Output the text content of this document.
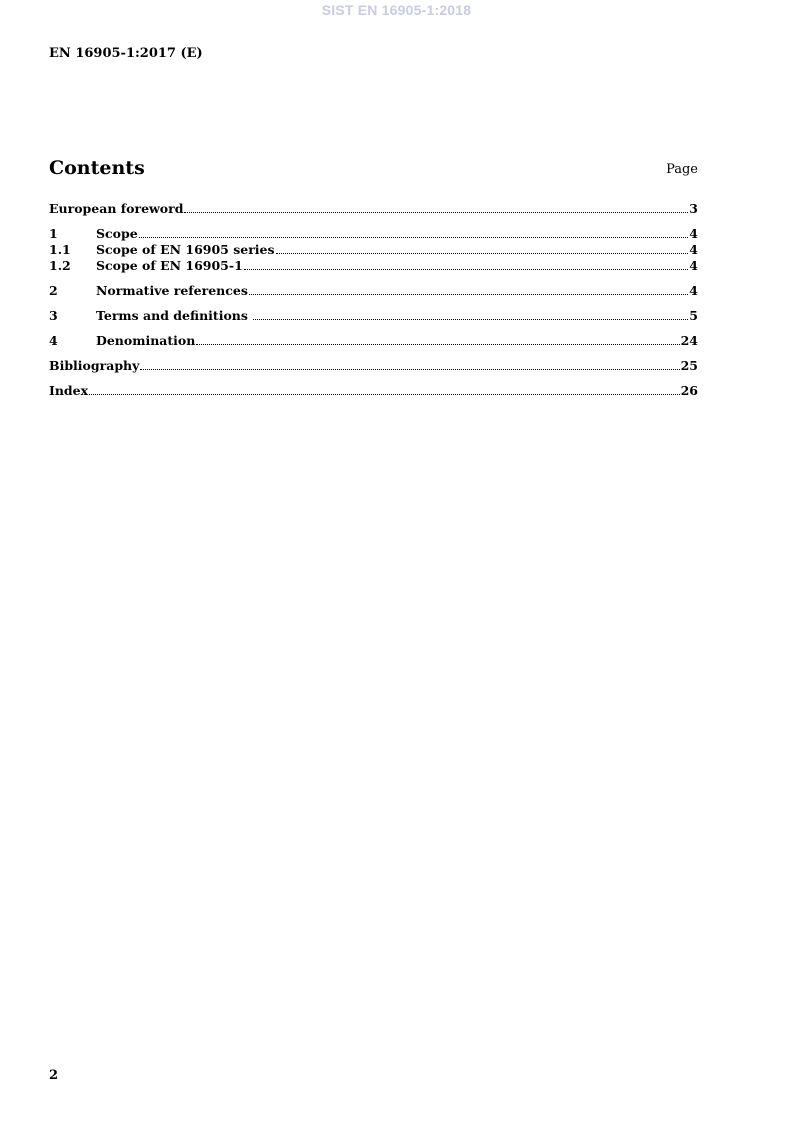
SIST EN 16905-1:2018
EN 16905-1:2017 (E)
Contents	Page
European foreword	3
1	Scope	4
1.1	Scope of EN 16905 series	4
1.2	Scope of EN 16905-1	4
2	Normative references	4
3	Terms and definitions	5
4	Denomination	24
Bibliography	25
Index	26
2
